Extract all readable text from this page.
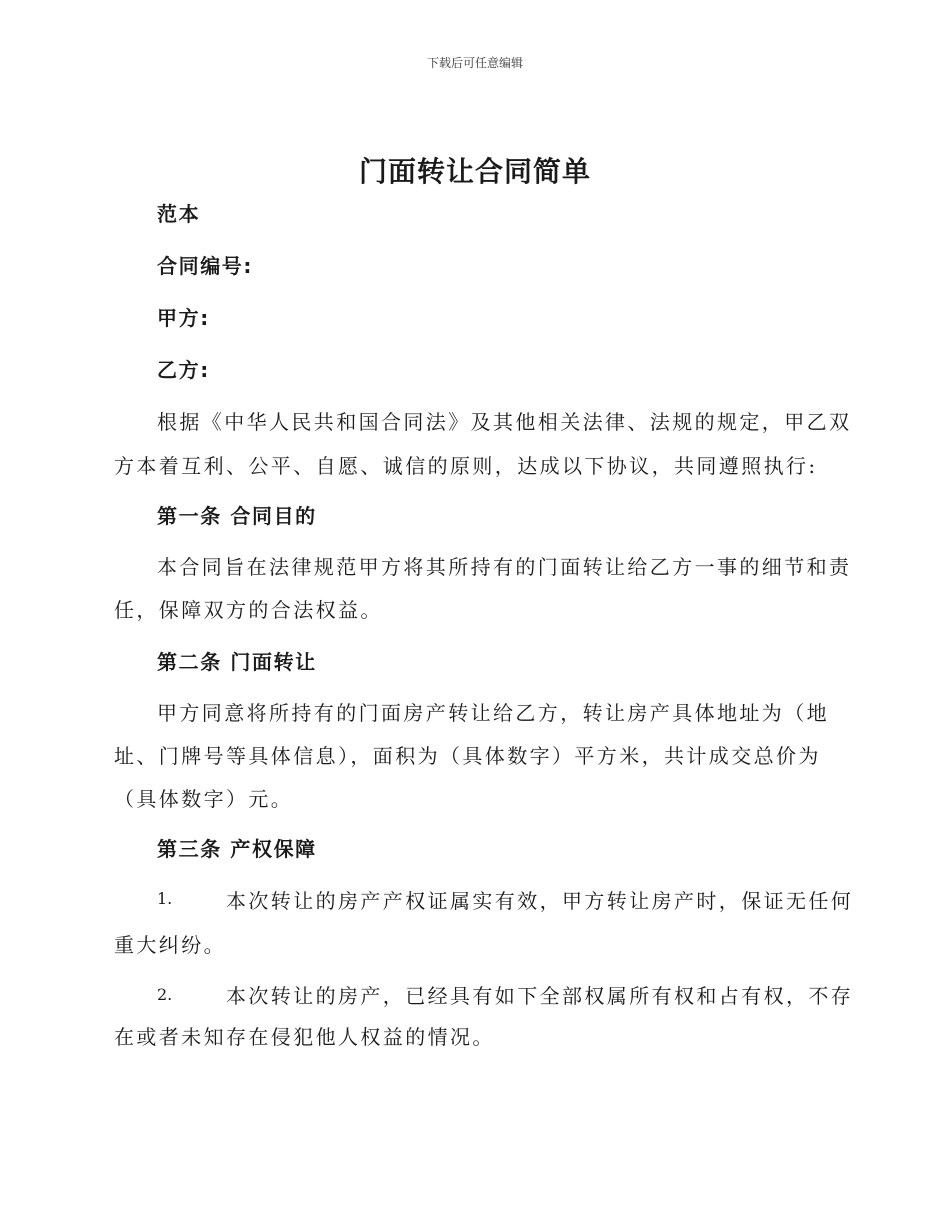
下载后可任意编辑
门面转让合同简单
范本
合同编号:
甲方:
乙方:
根据《中华人民共和国合同法》及其他相关法律、法规的规定，甲乙双
方本着互利、公平、自愿、诚信的原则，达成以下协议，共同遵照执行:
第一条 合同目的
本合同旨在法律规范甲方将其所持有的门面转让给乙方一事的细节和责
任，保障双方的合法权益。
第二条 门面转让
甲方同意将所持有的门面房产转让给乙方，转让房产具体地址为（地
址、门牌号等具体信息），面积为（具体数字）平方米，共计成交总价为
（具体数字）元。
第三条 产权保障
1.	本次转让的房产产权证属实有效，甲方转让房产时，保证无任何
重大纠纷。
2.	本次转让的房产，已经具有如下全部权属所有权和占有权，不存
在或者未知存在侵犯他人权益的情况。
